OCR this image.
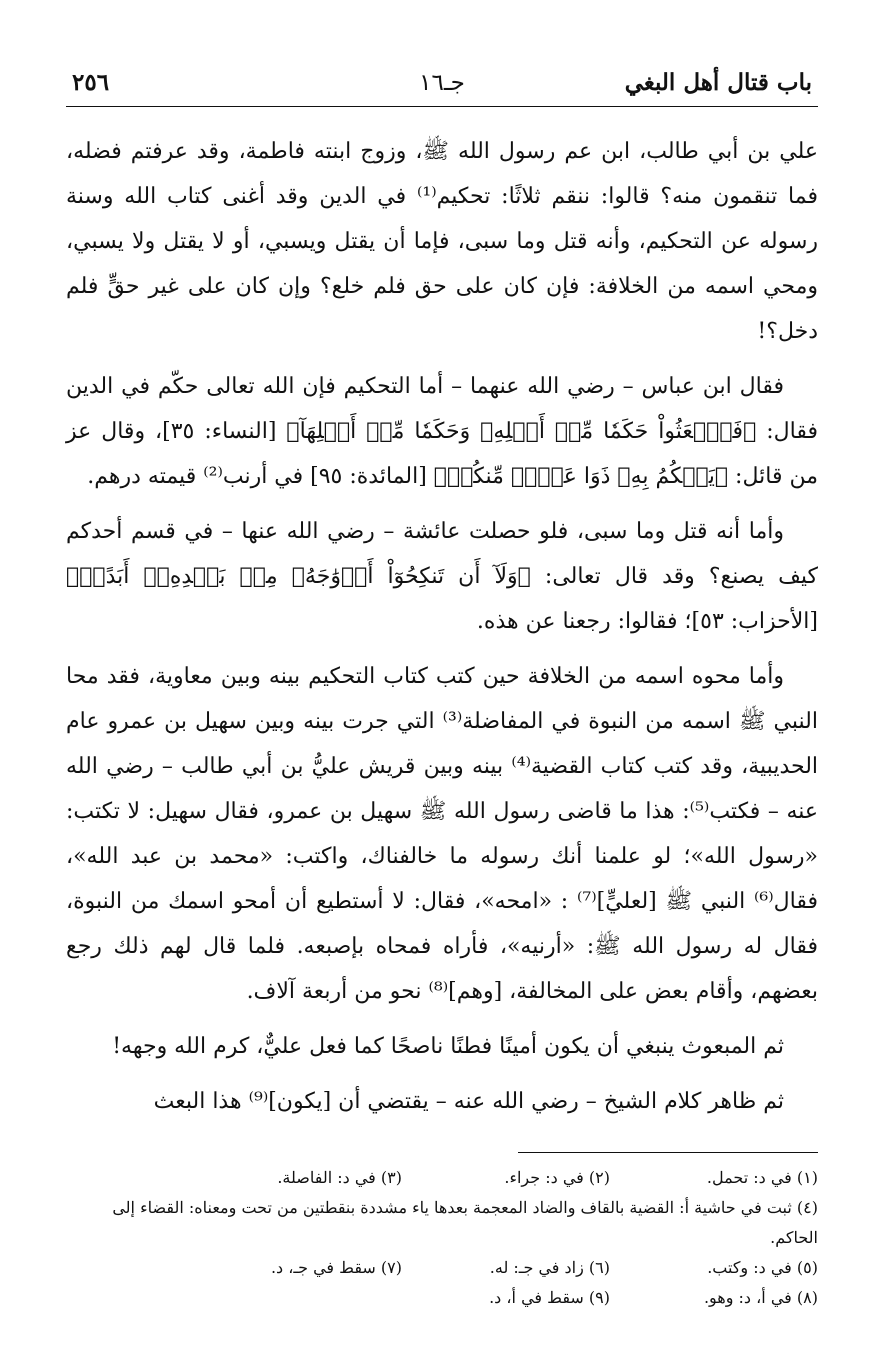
باب قتال أهل البغي
جـ١٦
٢٥٦

علي بن أبي طالب، ابن عم رسول الله ﷺ، وزوج ابنته فاطمة، وقد عرفتم فضله، فما تنقمون منه؟ قالوا: ننقم ثلاثًا: تحكيم⁽¹⁾ في الدين وقد أغنى كتاب الله وسنة رسوله عن التحكيم، وأنه قتل وما سبى، فإما أن يقتل ويسبي، أو لا يقتل ولا يسبي، ومحي اسمه من الخلافة: فإن كان على حق فلم خلع؟ وإن كان على غير حقٍّ فلم دخل؟!

فقال ابن عباس – رضي الله عنهما – أما التحكيم فإن الله تعالى حكّم في الدين فقال: ﴿فَٱبۡعَثُواْ حَكَمٗا مِّنۡ أَهۡلِهِۦ وَحَكَمٗا مِّنۡ أَهۡلِهَآ﴾ [النساء: ٣٥]، وقال عز من قائل: ﴿يَحۡكُمُ بِهِۦ ذَوَا عَدۡلٖ مِّنكُمۡ﴾ [المائدة: ٩٥] في أرنب⁽²⁾ قيمته درهم.

وأما أنه قتل وما سبى، فلو حصلت عائشة – رضي الله عنها – في قسم أحدكم كيف يصنع؟ وقد قال تعالى: ﴿وَلَآ أَن تَنكِحُوٓاْ أَزۡوَٰجَهُۥ مِنۢ بَعۡدِهِۦٓ أَبَدًاۚ﴾ [الأحزاب: ٥٣]؛ فقالوا: رجعنا عن هذه.

وأما محوه اسمه من الخلافة حين كتب كتاب التحكيم بينه وبين معاوية، فقد محا النبي ﷺ اسمه من النبوة في المفاضلة⁽³⁾ التي جرت بينه وبين سهيل بن عمرو عام الحديبية، وقد كتب كتاب القضية⁽⁴⁾ بينه وبين قريش عليُّ بن أبي طالب – رضي الله عنه – فكتب⁽⁵⁾: هذا ما قاضى رسول الله ﷺ سهيل بن عمرو، فقال سهيل: لا تكتب: «رسول الله»؛ لو علمنا أنك رسوله ما خالفناك، واكتب: «محمد بن عبد الله»، فقال⁽⁶⁾ النبي ﷺ [لعليٍّ]⁽⁷⁾ : «امحه»، فقال: لا أستطيع أن أمحو اسمك من النبوة، فقال له رسول الله ﷺ: «أرنيه»، فأراه فمحاه بإصبعه. فلما قال لهم ذلك رجع بعضهم، وأقام بعض على المخالفة، [وهم]⁽⁸⁾ نحو من أربعة آلاف.

ثم المبعوث ينبغي أن يكون أمينًا فطنًا ناصحًا كما فعل عليٌّ، كرم الله وجهه!

ثم ظاهر كلام الشيخ – رضي الله عنه – يقتضي أن [يكون]⁽⁹⁾ هذا البعث

(١) في د: تحمل.
(٢) في د: جراء.
(٣) في د: الفاصلة.
(٤) ثبت في حاشية أ: القضية بالقاف والضاد المعجمة بعدها ياء مشددة بنقطتين من تحت ومعناه: القضاء إلى الحاكم.
(٥) في د: وكتب.
(٦) زاد في جـ: له.
(٧) سقط في جـ، د.
(٨) في أ، د: وهو.
(٩) سقط في أ، د.
